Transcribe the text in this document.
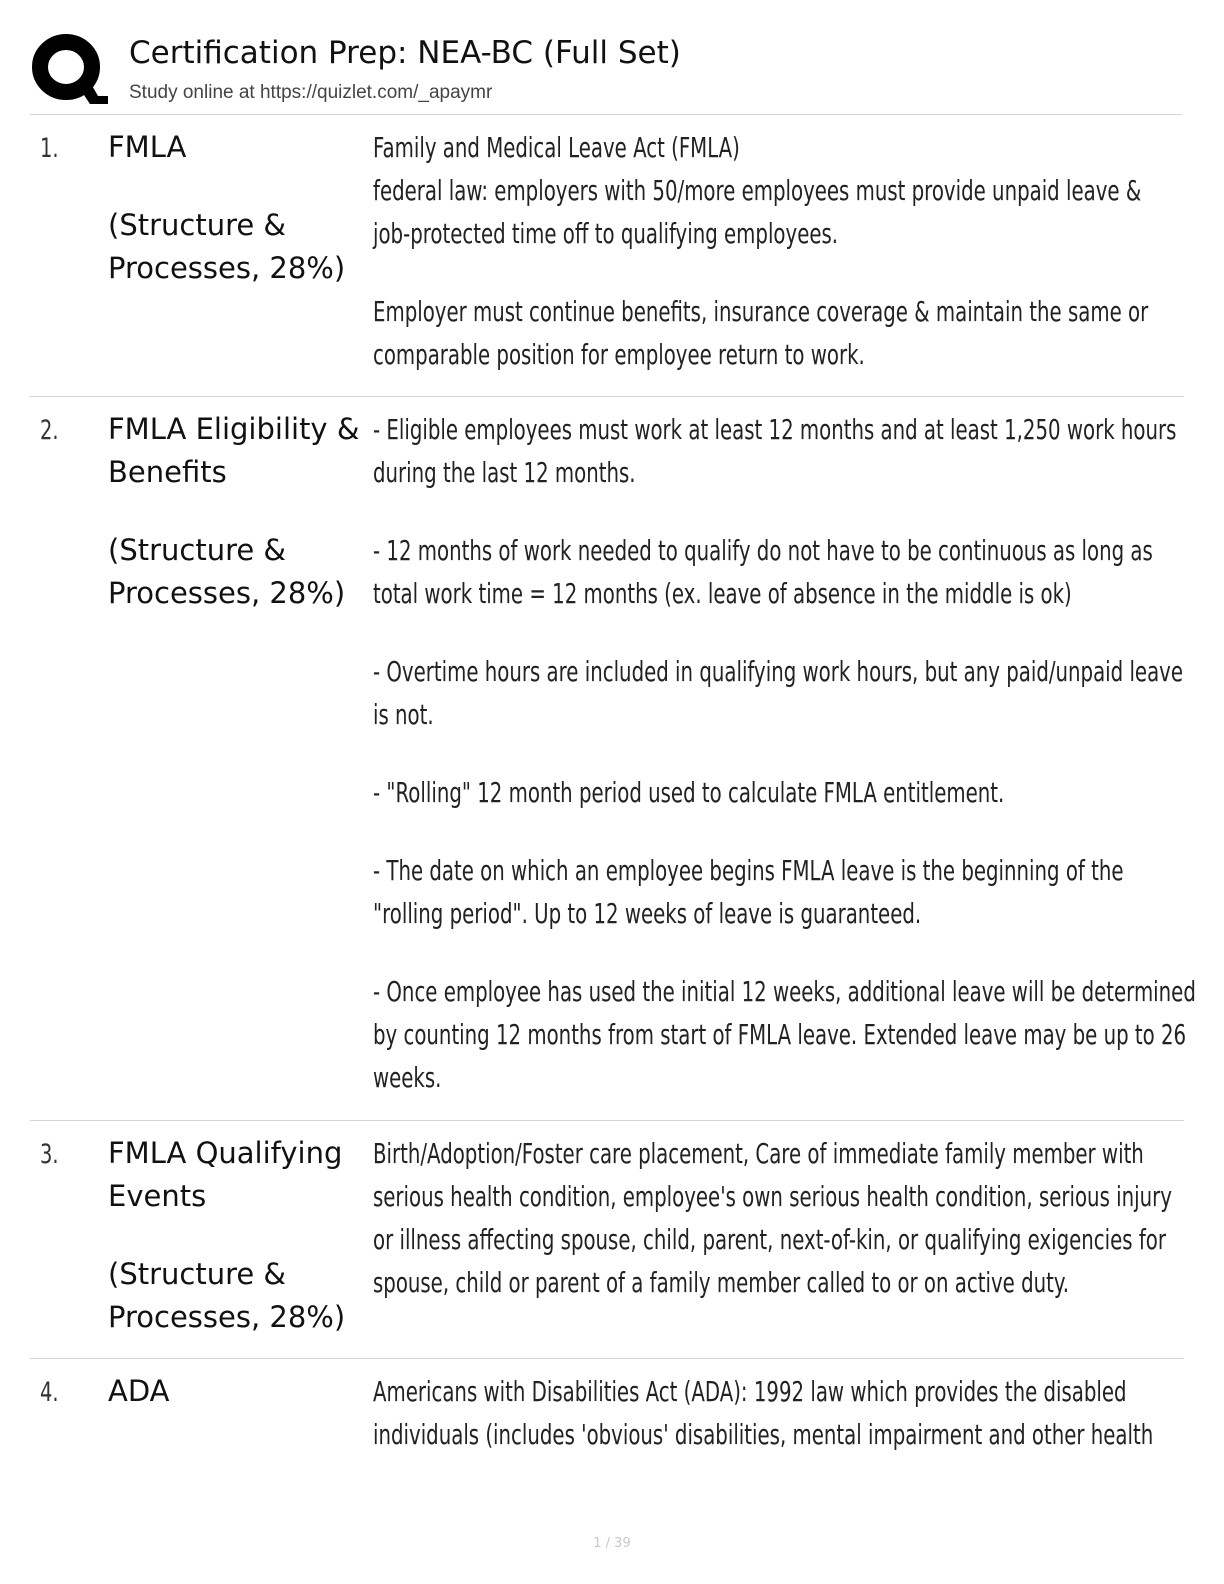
Certification Prep: NEA-BC (Full Set)
Study online at https://quizlet.com/_apaymr
1. FMLA
(Structure &
Processes, 28%)
Family and Medical Leave Act (FMLA)
federal law: employers with 50/more employees must provide unpaid leave &
job-protected time off to qualifying employees.
Employer must continue benefits, insurance coverage & maintain the same or
comparable position for employee return to work.
2. FMLA Eligibility &
Benefits
(Structure &
Processes, 28%)
- Eligible employees must work at least 12 months and at least 1,250 work hours
during the last 12 months.
- 12 months of work needed to qualify do not have to be continuous as long as
total work time = 12 months (ex. leave of absence in the middle is ok)
- Overtime hours are included in qualifying work hours, but any paid/unpaid leave
is not.
- "Rolling" 12 month period used to calculate FMLA entitlement.
- The date on which an employee begins FMLA leave is the beginning of the
"rolling period". Up to 12 weeks of leave is guaranteed.
- Once employee has used the initial 12 weeks, additional leave will be determined
by counting 12 months from start of FMLA leave. Extended leave may be up to 26
weeks.
3. FMLA Qualifying
Events
(Structure &
Processes, 28%)
Birth/Adoption/Foster care placement, Care of immediate family member with
serious health condition, employee's own serious health condition, serious injury
or illness affecting spouse, child, parent, next-of-kin, or qualifying exigencies for
spouse, child or parent of a family member called to or on active duty.
4. ADA	Americans with Disabilities Act (ADA): 1992 law which provides the disabled
individuals (includes 'obvious' disabilities, mental impairment and other health
1 / 39
